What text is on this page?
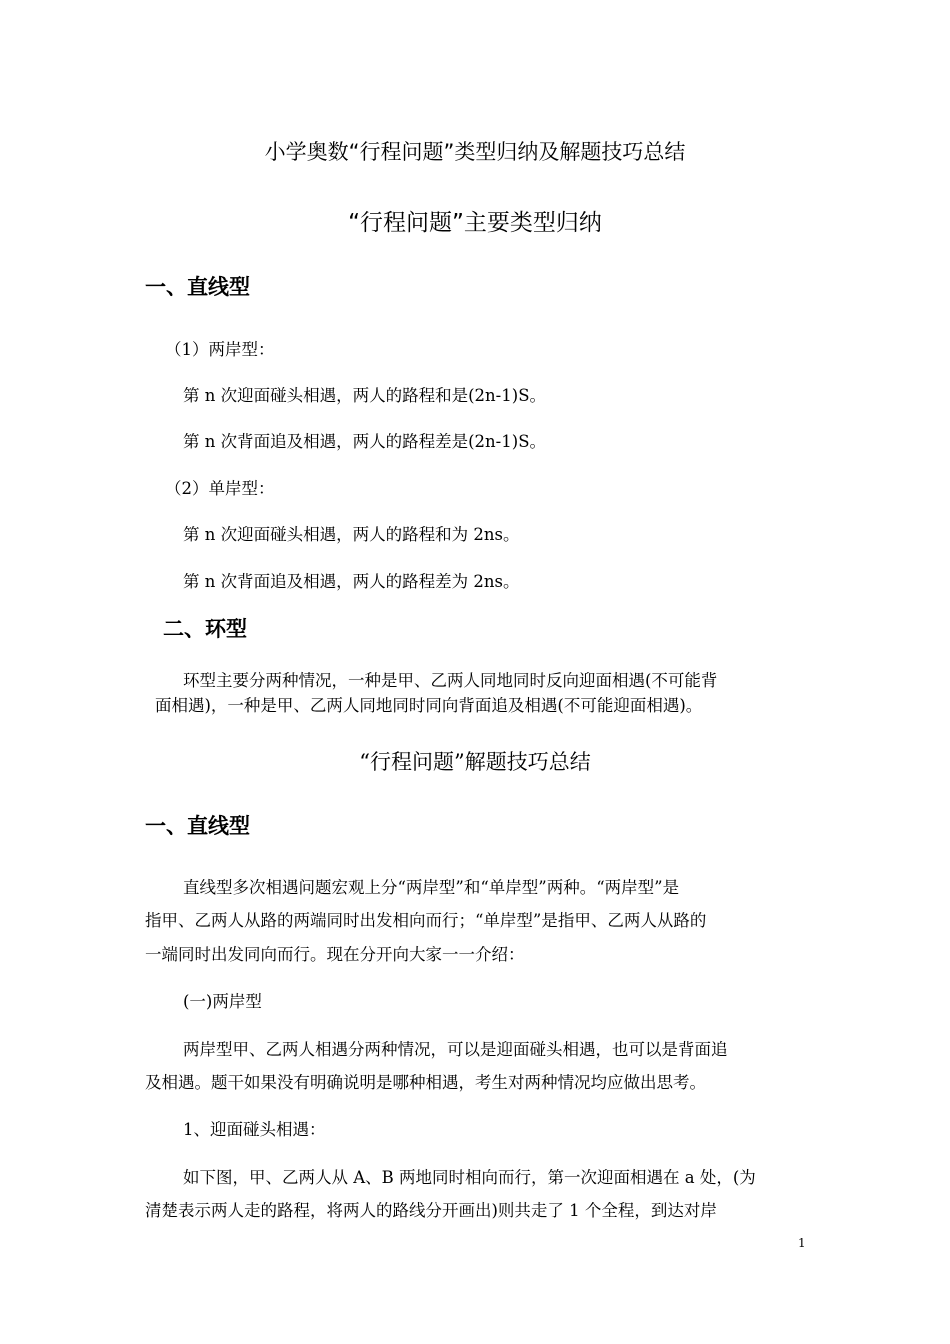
小学奥数“行程问题”类型归纳及解题技巧总结
“行程问题”主要类型归纳
一、直线型
（1）两岸型：
第 n 次迎面碰头相遇，两人的路程和是(2n-1)S。
第 n 次背面追及相遇，两人的路程差是(2n-1)S。
（2）单岸型：
第 n 次迎面碰头相遇，两人的路程和为 2ns。
第 n 次背面追及相遇，两人的路程差为 2ns。
二、环型
环型主要分两种情况，一种是甲、乙两人同地同时反向迎面相遇(不可能背
面相遇)，一种是甲、乙两人同地同时同向背面追及相遇(不可能迎面相遇)。
“行程问题”解题技巧总结
一、直线型
直线型多次相遇问题宏观上分“两岸型”和“单岸型”两种。“两岸型”是
指甲、乙两人从路的两端同时出发相向而行；“单岸型”是指甲、乙两人从路的
一端同时出发同向而行。现在分开向大家一一介绍：
(一)两岸型
两岸型甲、乙两人相遇分两种情况，可以是迎面碰头相遇，也可以是背面追
及相遇。题干如果没有明确说明是哪种相遇，考生对两种情况均应做出思考。
1、迎面碰头相遇：
如下图，甲、乙两人从 A、B 两地同时相向而行，第一次迎面相遇在 a 处，(为
清楚表示两人走的路程，将两人的路线分开画出)则共走了 1 个全程，到达对岸
1
